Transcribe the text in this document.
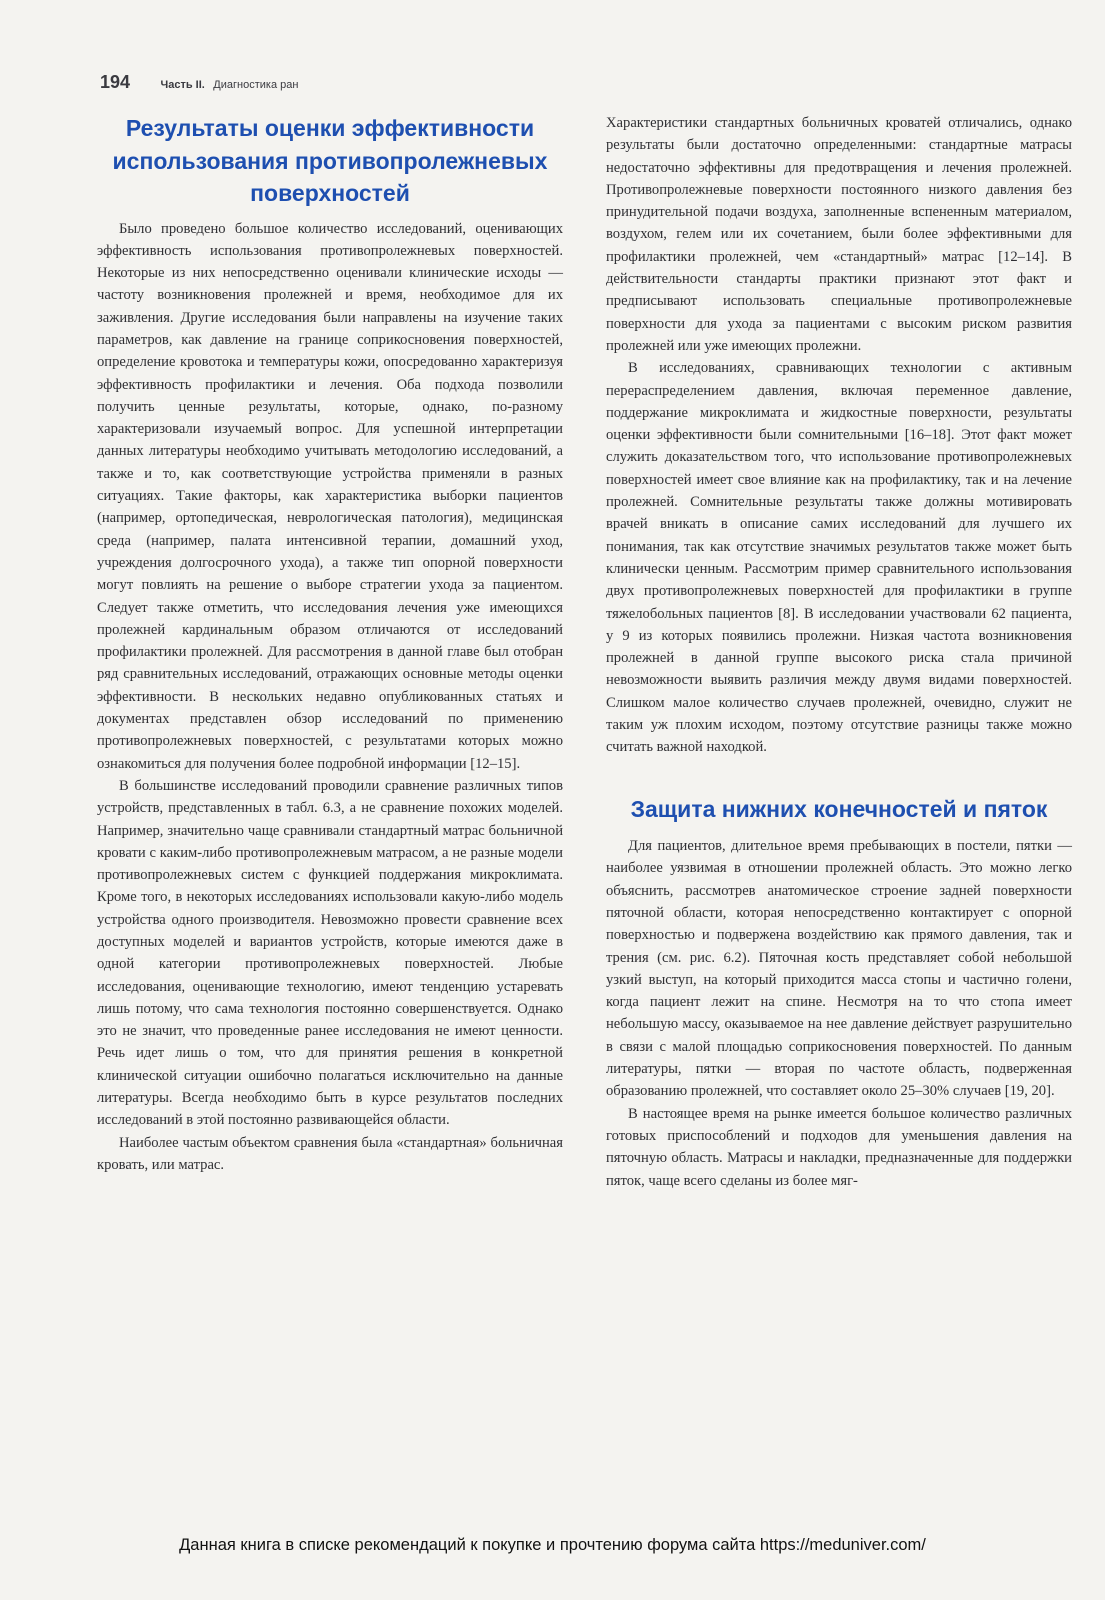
194	Часть II. Диагностика ран
Результаты оценки эффективности использования противопролежневых поверхностей

Было проведено большое количество исследований, оценивающих эффективность использования противопролежневых поверхностей. Некоторые из них непосредственно оценивали клинические исходы — частоту возникновения пролежней и время, необходимое для их заживления. Другие исследования были направлены на изучение таких параметров, как давление на границе соприкосновения поверхностей, определение кровотока и температуры кожи, опосредованно характеризуя эффективность профилактики и лечения. Оба подхода позволили получить ценные результаты, которые, однако, по-разному характеризовали изучаемый вопрос. Для успешной интерпретации данных литературы необходимо учитывать методологию исследований, а также и то, как соответствующие устройства применяли в разных ситуациях. Такие факторы, как характеристика выборки пациентов (например, ортопедическая, неврологическая патология), медицинская среда (например, палата интенсивной терапии, домашний уход, учреждения долгосрочного ухода), а также тип опорной поверхности могут повлиять на решение о выборе стратегии ухода за пациентом. Следует также отметить, что исследования лечения уже имеющихся пролежней кардинальным образом отличаются от исследований профилактики пролежней. Для рассмотрения в данной главе был отобран ряд сравнительных исследований, отражающих основные методы оценки эффективности. В нескольких недавно опубликованных статьях и документах представлен обзор исследований по применению противопролежневых поверхностей, с результатами которых можно ознакомиться для получения более подробной информации [12–15].

В большинстве исследований проводили сравнение различных типов устройств, представленных в табл. 6.3, а не сравнение похожих моделей. Например, значительно чаще сравнивали стандартный матрас больничной кровати с каким-либо противопролежневым матрасом, а не разные модели противопролежневых систем с функцией поддержания микроклимата. Кроме того, в некоторых исследованиях использовали какую-либо модель устройства одного производителя. Невозможно провести сравнение всех доступных моделей и вариантов устройств, которые имеются даже в одной категории противопролежневых поверхностей. Любые исследования, оценивающие технологию, имеют тенденцию устаревать лишь потому, что сама технология постоянно совершенствуется. Однако это не значит, что проведенные ранее исследования не имеют ценности. Речь идет лишь о том, что для принятия решения в конкретной клинической ситуации ошибочно полагаться исключительно на данные литературы. Всегда необходимо быть в курсе результатов последних исследований в этой постоянно развивающейся области.

Наиболее частым объектом сравнения была «стандартная» больничная кровать, или матрас.

Характеристики стандартных больничных кроватей отличались, однако результаты были достаточно определенными: стандартные матрасы недостаточно эффективны для предотвращения и лечения пролежней. Противопролежневые поверхности постоянного низкого давления без принудительной подачи воздуха, заполненные вспененным материалом, воздухом, гелем или их сочетанием, были более эффективными для профилактики пролежней, чем «стандартный» матрас [12–14]. В действительности стандарты практики признают этот факт и предписывают использовать специальные противопролежневые поверхности для ухода за пациентами с высоким риском развития пролежней или уже имеющих пролежни.

В исследованиях, сравнивающих технологии с активным перераспределением давления, включая переменное давление, поддержание микроклимата и жидкостные поверхности, результаты оценки эффективности были сомнительными [16–18]. Этот факт может служить доказательством того, что использование противопролежневых поверхностей имеет свое влияние как на профилактику, так и на лечение пролежней. Сомнительные результаты также должны мотивировать врачей вникать в описание самих исследований для лучшего их понимания, так как отсутствие значимых результатов также может быть клинически ценным. Рассмотрим пример сравнительного использования двух противопролежневых поверхностей для профилактики в группе тяжелобольных пациентов [8]. В исследовании участвовали 62 пациента, у 9 из которых появились пролежни. Низкая частота возникновения пролежней в данной группе высокого риска стала причиной невозможности выявить различия между двумя видами поверхностей. Слишком малое количество случаев пролежней, очевидно, служит не таким уж плохим исходом, поэтому отсутствие разницы также можно считать важной находкой.

Защита нижних конечностей и пяток

Для пациентов, длительное время пребывающих в постели, пятки — наиболее уязвимая в отношении пролежней область. Это можно легко объяснить, рассмотрев анатомическое строение задней поверхности пяточной области, которая непосредственно контактирует с опорной поверхностью и подвержена воздействию как прямого давления, так и трения (см. рис. 6.2). Пяточная кость представляет собой небольшой узкий выступ, на который приходится масса стопы и частично голени, когда пациент лежит на спине. Несмотря на то что стопа имеет небольшую массу, оказываемое на нее давление действует разрушительно в связи с малой площадью соприкосновения поверхностей. По данным литературы, пятки — вторая по частоте область, подверженная образованию пролежней, что составляет около 25–30% случаев [19, 20].

В настоящее время на рынке имеется большое количество различных готовых приспособлений и подходов для уменьшения давления на пяточную область. Матрасы и накладки, предназначенные для поддержки пяток, чаще всего сделаны из более мяг-

Данная книга в списке рекомендаций к покупке и прочтению форума сайта https://meduniver.com/
